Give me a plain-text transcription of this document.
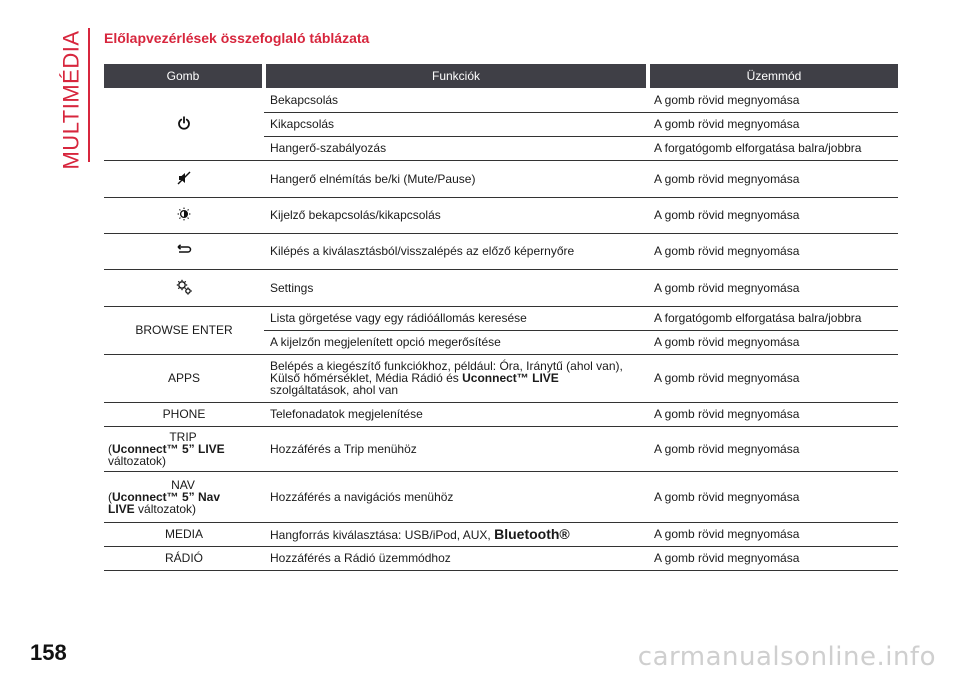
MULTIMÉDIA Előlapvezérlések összefoglaló táblázata
Gomb	Funkciók	Üzemmód
	Bekapcsolás	A gomb rövid megnyomása
	Kikapcsolás	A gomb rövid megnyomása
	Hangerő-szabályozás	A forgatógomb elforgatása balra/jobbra
	Hangerő elnémítás be/ki (Mute/Pause)	A gomb rövid megnyomása
	Kijelző bekapcsolás/kikapcsolás	A gomb rövid megnyomása
	Kilépés a kiválasztásból/visszalépés az előző képernyőre	A gomb rövid megnyomása
	Settings	A gomb rövid megnyomása
BROWSE ENTER	Lista görgetése vagy egy rádióállomás keresése	A forgatógomb elforgatása balra/jobbra
	A kijelzőn megjelenített opció megerősítése	A gomb rövid megnyomása
APPS	Belépés a kiegészítő funkciókhoz, például: Óra, Iránytű (ahol van),
Külső hőmérséklet, Média Rádió és Uconnect™ LIVE
szolgáltatások, ahol van	A gomb rövid megnyomása
PHONE	Telefonadatok megjelenítése	A gomb rövid megnyomása

TRIP
(Uconnect™ 5” LIVE
változatok)	Hozzáférés a Trip menühöz	A gomb rövid megnyomása

NAV
(Uconnect™ 5” Nav
LIVE változatok)	Hozzáférés a navigációs menühöz	A gomb rövid megnyomása
MEDIA	Hangforrás kiválasztása: USB/iPod, AUX, Bluetooth®	A gomb rövid megnyomása
RÁDIÓ	Hozzáférés a Rádió üzemmódhoz	A gomb rövid megnyomása
158	carmanualsonline.info
